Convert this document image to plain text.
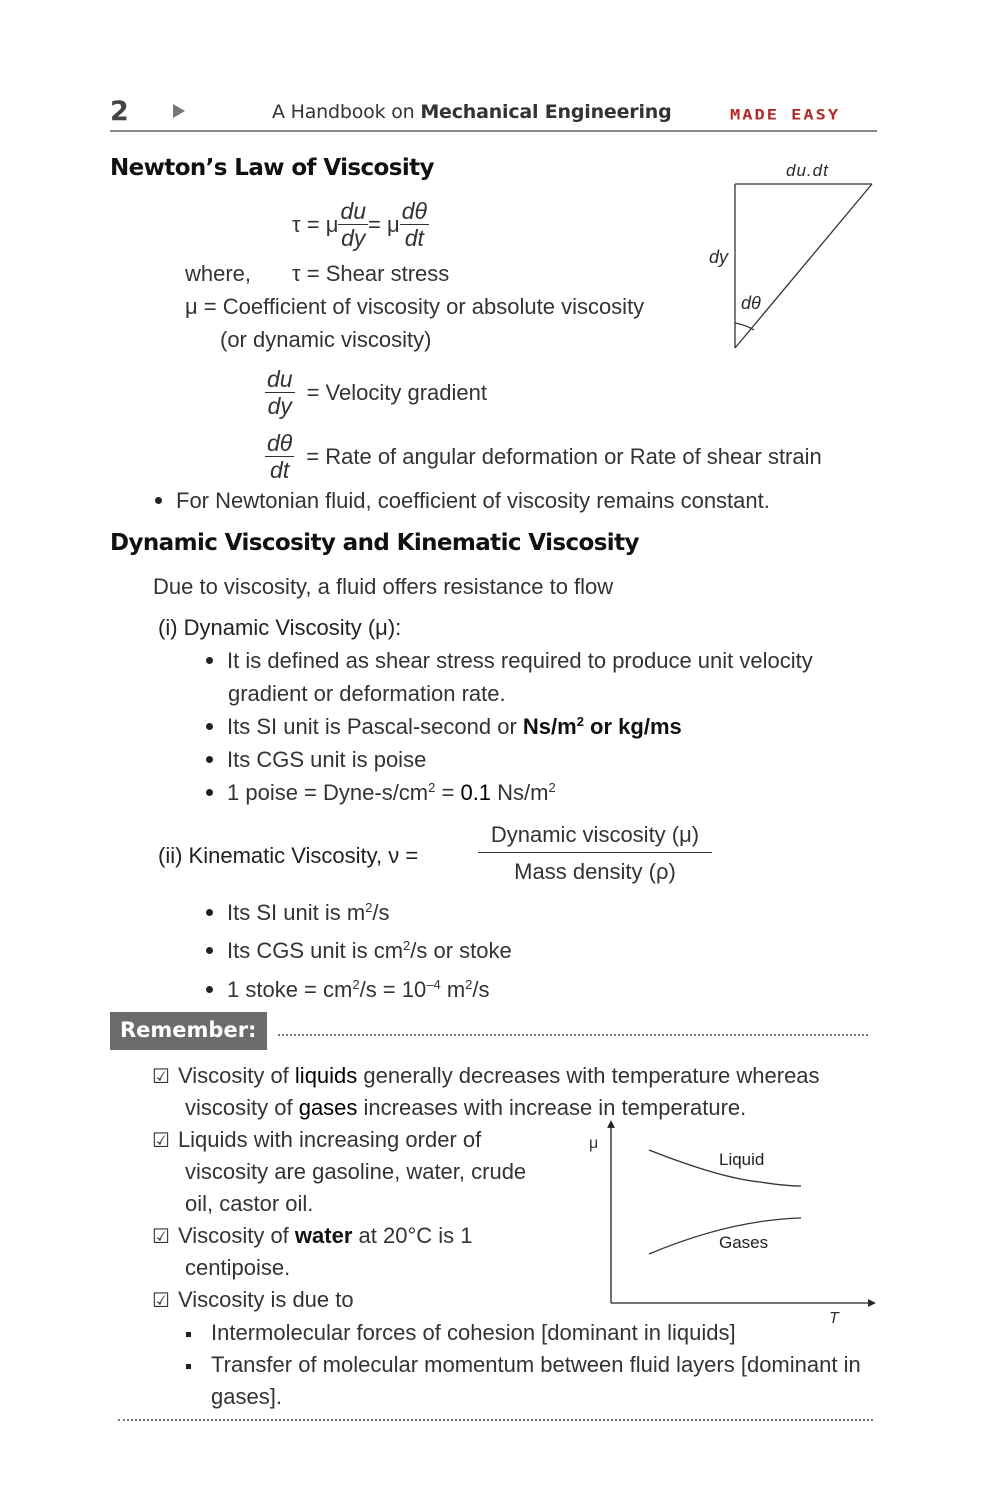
2	A Handbook on Mechanical Engineering	MADE EASY
Newton’s Law of Viscosity
τ = μ $\frac{du}{dy} = \mu \frac{d\theta}{dt}$
where, τ = Shear stress
μ = Coefficient of viscosity or absolute viscosity
(or dynamic viscosity)
$\frac{du}{dy}$ = Velocity gradient
$\frac{d\theta}{dt}$ = Rate of angular deformation or Rate of shear strain
For Newtonian fluid, coefficient of viscosity remains constant.
du.dt
dy
dθ
Dynamic Viscosity and Kinematic Viscosity
Due to viscosity, a fluid offers resistance to flow
(i) Dynamic Viscosity (μ):
It is defined as shear stress required to produce unit velocity
gradient or deformation rate.
Its SI unit is Pascal-second or $Ns/m^2$ or kg/ms
Its CGS unit is poise
1 poise = Dyne-$s/cm^2 = 0.1$ $Ns/m^2$
(ii) Kinematic Viscosity, ν =
Dynamic viscosity (μ)
Mass density (ρ)
Its SI unit is $m^2/s$
Its CGS unit is $cm^2/s$ or stoke
1 stoke = $cm^2/s = 10^{-4}$ $m^2/s$
Remember:
☑ Viscosity of liquids generally decreases with temperature whereas
viscosity of gases increases with increase in temperature.
☑ Liquids with increasing order of
viscosity are gasoline, water, crude
oil, castor oil.
☑ Viscosity of water at 20°C is 1
centipoise.
☑ Viscosity is due to
Intermolecular forces of cohesion [dominant in liquids]
Transfer of molecular momentum between fluid layers [dominant in
gases].
μ
T
Liquid
Gases
